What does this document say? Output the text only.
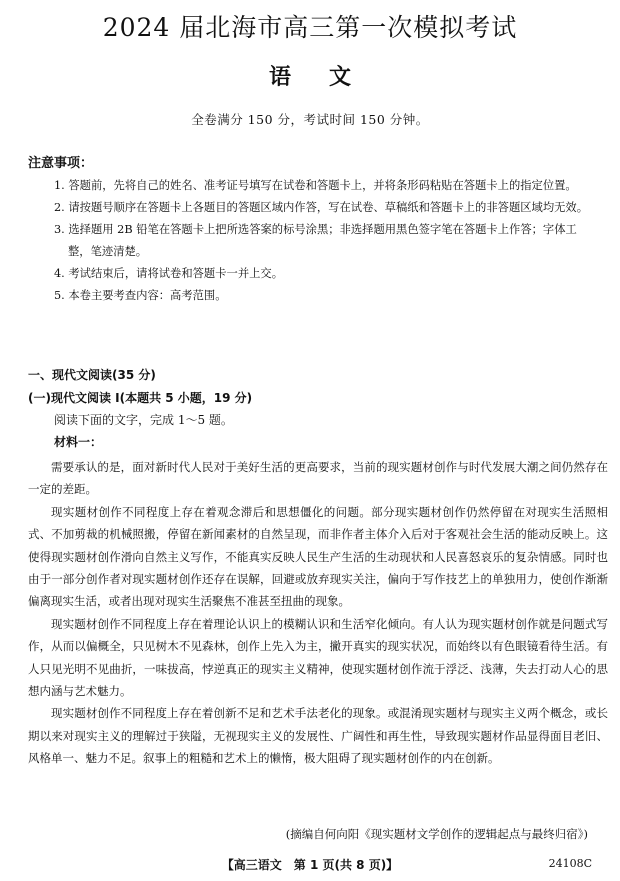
2024 届北海市高三第一次模拟考试
语文
全卷满分 150 分，考试时间 150 分钟。
注意事项：
1. 答题前，先将自己的姓名、准考证号填写在试卷和答题卡上，并将条形码粘贴在答题卡上的指定位置。
2. 请按题号顺序在答题卡上各题目的答题区域内作答，写在试卷、草稿纸和答题卡上的非答题区域均无效。
3. 选择题用 2B 铅笔在答题卡上把所选答案的标号涂黑；非选择题用黑色签字笔在答题卡上作答；字体工整，笔迹清楚。
4. 考试结束后，请将试卷和答题卡一并上交。
5. 本卷主要考查内容：高考范围。
一、现代文阅读(35 分)
(一)现代文阅读 I(本题共 5 小题，19 分)
阅读下面的文字，完成 1～5 题。
材料一：

需要承认的是，面对新时代人民对于美好生活的更高要求，当前的现实题材创作与时代发展大潮之间仍然存在一定的差距。

现实题材创作不同程度上存在着观念滞后和思想僵化的问题。部分现实题材创作仍然停留在对现实生活照相式、不加剪裁的机械照搬，停留在新闻素材的自然呈现，而非作者主体介入后对于客观社会生活的能动反映上。这使得现实题材创作滑向自然主义写作，不能真实反映人民生产生活的生动现状和人民喜怒哀乐的复杂情感。同时也由于一部分创作者对现实题材创作还存在误解，回避或放弃现实关注，偏向于写作技艺上的单独用力，使创作渐渐偏离现实生活，或者出现对现实生活聚焦不准甚至扭曲的现象。

现实题材创作不同程度上存在着理论认识上的模糊认识和生活窄化倾向。有人认为现实题材创作就是问题式写作，从而以偏概全，只见树木不见森林，创作上先入为主，撇开真实的现实状况，而始终以有色眼镜看待生活。有人只见光明不见曲折，一味拔高，悖逆真正的现实主义精神，使现实题材创作流于浮泛、浅薄，失去打动人心的思想内涵与艺术魅力。

现实题材创作不同程度上存在着创新不足和艺术手法老化的现象。或混淆现实题材与现实主义两个概念，或长期以来对现实主义的理解过于狭隘，无视现实主义的发展性、广阔性和再生性，导致现实题材作品显得面目老旧、风格单一、魅力不足。叙事上的粗糙和艺术上的懒惰，极大阻碍了现实题材创作的内在创新。

(摘编自何向阳《现实题材文学创作的逻辑起点与最终归宿》)
【高三语文　第 1 页(共 8 页)】	24108C
